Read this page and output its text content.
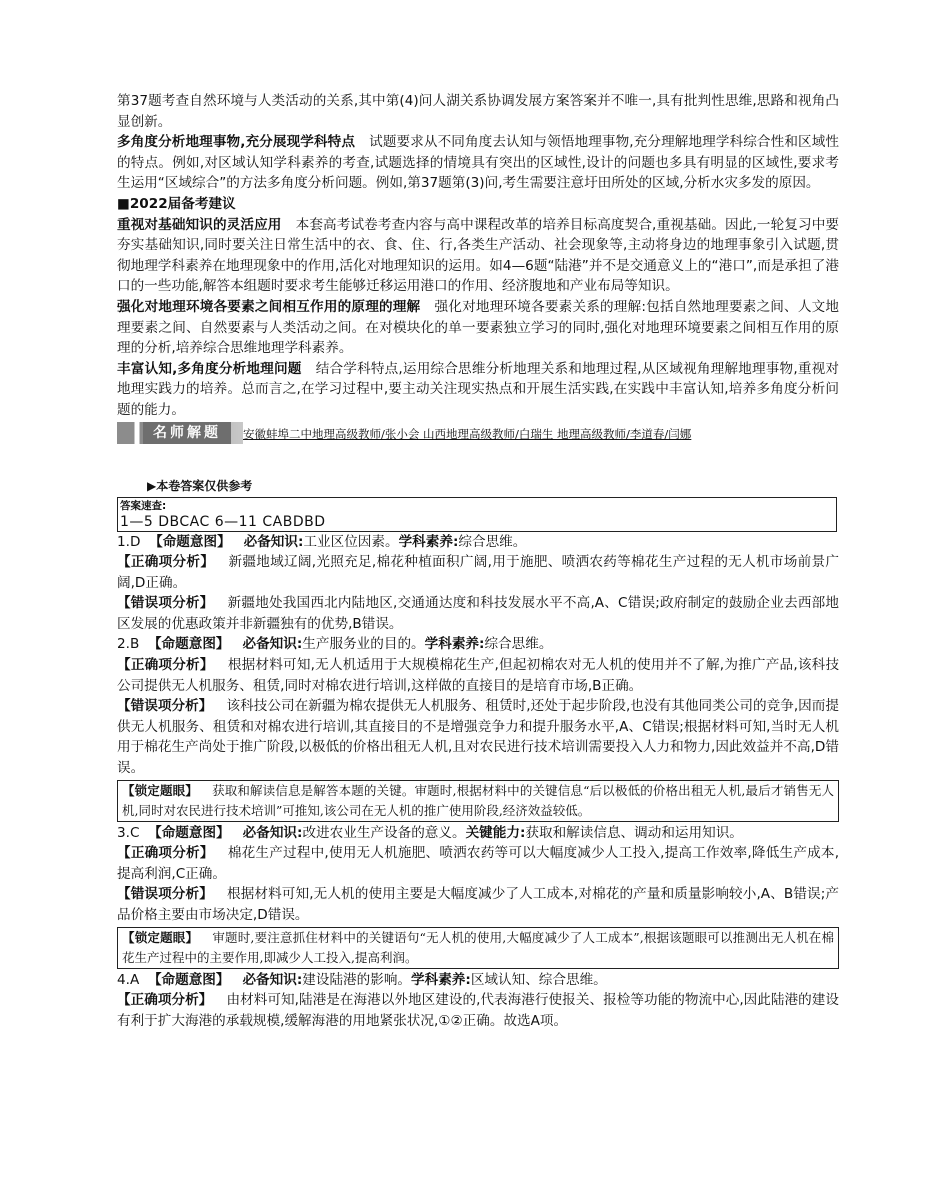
第37题考查自然环境与人类活动的关系,其中第(4)问人湖关系协调发展方案答案并不唯一,具有批判性思维,思路和视角凸显创新。

多角度分析地理事物,充分展现学科特点 试题要求从不同角度去认知与领悟地理事物,充分理解地理学科综合性和区域性的特点。例如,对区域认知学科素养的考查,试题选择的情境具有突出的区域性,设计的问题也多具有明显的区域性,要求考生运用“区域综合”的方法多角度分析问题。例如,第37题第(3)问,考生需要注意圩田所处的区域,分析水灾多发的原因。

■2022届备考建议

重视对基础知识的灵活应用 本套高考试卷考查内容与高中课程改革的培养目标高度契合,重视基础。因此,一轮复习中要夯实基础知识,同时要关注日常生活中的衣、食、住、行,各类生产活动、社会现象等,主动将身边的地理事象引入试题,贯彻地理学科素养在地理现象中的作用,活化对地理知识的运用。如4—6题“陆港”并不是交通意义上的“港口”,而是承担了港口的一些功能,解答本组题时要求考生能够迁移运用港口的作用、经济腹地和产业布局等知识。

强化对地理环境各要素之间相互作用的原理的理解 强化对地理环境各要素关系的理解:包括自然地理要素之间、人文地理要素之间、自然要素与人类活动之间。在对模块化的单一要素独立学习的同时,强化对地理环境要素之间相互作用的原理的分析,培养综合思维地理学科素养。

丰富认知,多角度分析地理问题 结合学科特点,运用综合思维分析地理关系和地理过程,从区域视角理解地理事物,重视对地理实践力的培养。总而言之,在学习过程中,要主动关注现实热点和开展生活实践,在实践中丰富认知,培养多角度分析问题的能力。

名师解题	安徽蚌埠二中地理高级教师/张小会 山西地理高级教师/白瑞生 地理高级教师/李道春/闫娜
▶本卷答案仅供参考
答案速查:
1—5 DBCAC 6—11 CABDBD

1.D 【 命题意图 】 必备知识:工业区位因素。学科素养:综合思维。

【 正确项分析 】 新疆地域辽阔,光照充足,棉花种植面积广阔,用于施肥、喷洒农药等棉花生产过程的无人机市场前景广阔,D正确。

【 错误项分析 】 新疆地处我国西北内陆地区,交通通达度和科技发展水平不高,A、C错误;政府制定的鼓励企业去西部地区发展的优惠政策并非新疆独有的优势,B错误。

2.B 【 命题意图 】 必备知识:生产服务业的目的。学科素养:综合思维。

【 正确项分析 】 根据材料可知,无人机适用于大规模棉花生产,但起初棉农对无人机的使用并不了解,为推广产品,该科技公司提供无人机服务、租赁,同时对棉农进行培训,这样做的直接目的是培育市场,B正确。

【 错误项分析 】 该科技公司在新疆为棉农提供无人机服务、租赁时,还处于起步阶段,也没有其他同类公司的竞争,因而提供无人机服务、租赁和对棉农进行培训,其直接目的不是增强竞争力和提升服务水平,A、C错误;根据材料可知,当时无人机用于棉花生产尚处于推广阶段,以极低的价格出租无人机,且对农民进行技术培训需要投入人力和物力,因此效益并不高,D错误。

【 锁定题眼 】 获取和解读信息是解答本题的关键。审题时,根据材料中的关键信息“后以极低的价格出租无人机,最后才销售无人机,同时对农民进行技术培训”可推知,该公司在无人机的推广使用阶段,经济效益较低。

3.C 【 命题意图 】 必备知识:改进农业生产设备的意义。关键能力:获取和解读信息、调动和运用知识。

【 正确项分析 】 棉花生产过程中,使用无人机施肥、喷洒农药等可以大幅度减少人工投入,提高工作效率,降低生产成本,提高利润,C正确。

【 错误项分析 】 根据材料可知,无人机的使用主要是大幅度减少了人工成本,对棉花的产量和质量影响较小,A、B错误;产品价格主要由市场决定,D错误。

【 锁定题眼 】 审题时,要注意抓住材料中的关键语句“无人机的使用,大幅度减少了人工成本”,根据该题眼可以推测出无人机在棉花生产过程中的主要作用,即减少人工投入,提高利润。

4.A 【 命题意图 】 必备知识:建设陆港的影响。学科素养:区域认知、综合思维。

【 正确项分析 】 由材料可知,陆港是在海港以外地区建设的,代表海港行使报关、报检等功能的物流中心,因此陆港的建设有利于扩大海港的承载规模,缓解海港的用地紧张状况,①②正确。故选A项。
